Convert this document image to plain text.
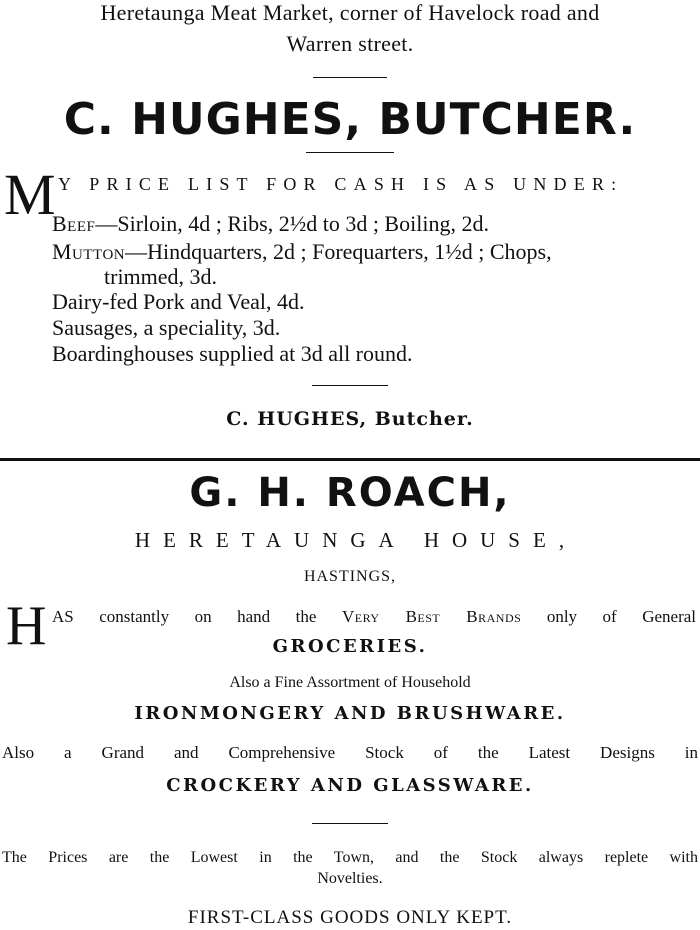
Heretaunga Meat Market, corner of Havelock road and
Warren street.
C. HUGHES, BUTCHER.
M Y PRICE LIST FOR CASH IS AS UNDER:
Beef—Sirloin, 4d ; Ribs, 2½d to 3d ; Boiling, 2d.
Mutton—Hindquarters, 2d ; Forequarters, 1½d ; Chops,
trimmed, 3d.
Dairy-fed Pork and Veal, 4d.
Sausages, a speciality, 3d.
Boardinghouses supplied at 3d all round.
C. HUGHES, Butcher.
G. H. ROACH,
HERETAUNGA HOUSE,
HASTINGS,
H AS constantly on hand the Very Best Brands only of General
GROCERIES.
Also a Fine Assortment of Household
IRONMONGERY AND BRUSHWARE.
Also a Grand and Comprehensive Stock of the Latest Designs in
CROCKERY AND GLASSWARE.
The Prices are the Lowest in the Town, and the Stock always replete with
Novelties.
FIRST-CLASS GOODS ONLY KEPT.
